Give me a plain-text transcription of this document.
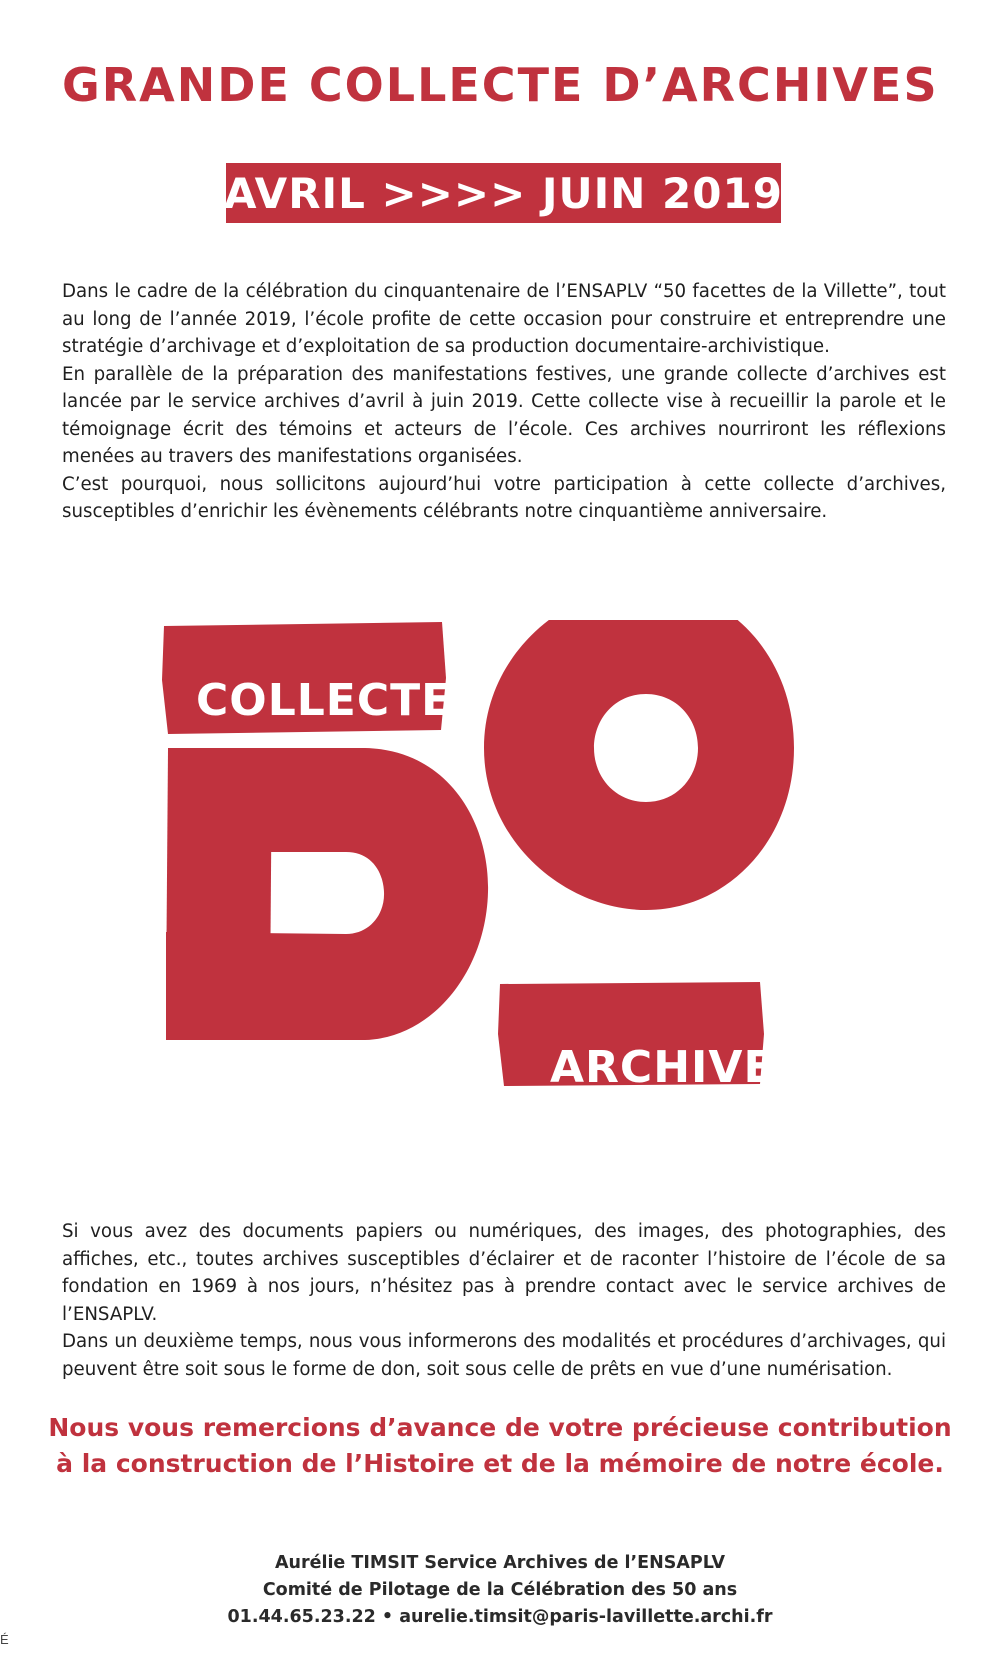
GRANDE COLLECTE D’ARCHIVES
AVRIL >>>> JUIN 2019

Dans le cadre de la célébration du cinquantenaire de l’ENSAPLV “50 facettes de la Villette”, tout au long de l’année 2019, l’école profite de cette occasion pour construire et entreprendre une stratégie d’archivage et d’exploitation de sa production documentaire-archivistique.

En parallèle de la préparation des manifestations festives, une grande collecte d’archives est lancée par le service archives d’avril à juin 2019. Cette collecte vise à recueillir la parole et le témoignage écrit des témoins et acteurs de l’école. Ces archives nourriront les réflexions menées au travers des manifestations organisées.

C’est pourquoi, nous sollicitons aujourd’hui votre participation à cette collecte d’archives, susceptibles d’enrichir les évènements célébrants notre cinquantième anniversaire.

COLLECTE
ARCHIVES

Si vous avez des documents papiers ou numériques, des images, des photographies, des affiches, etc., toutes archives susceptibles d’éclairer et de raconter l’histoire de l’école de sa fondation en 1969 à nos jours, n’hésitez pas à prendre contact avec le service archives de l’ENSAPLV.

Dans un deuxième temps, nous vous informerons des modalités et procédures d’archivages, qui peuvent être soit sous le forme de don, soit sous celle de prêts en vue d’une numérisation.

Nous vous remercions d’avance de votre précieuse contribution
à la construction de l’Histoire et de la mémoire de notre école.
Aurélie TIMSIT Service Archives de l’ENSAPLV
Comité de Pilotage de la Célébration des 50 ans
01.44.65.23.22 • aurelie.timsit@paris-lavillette.archi.fr
É
